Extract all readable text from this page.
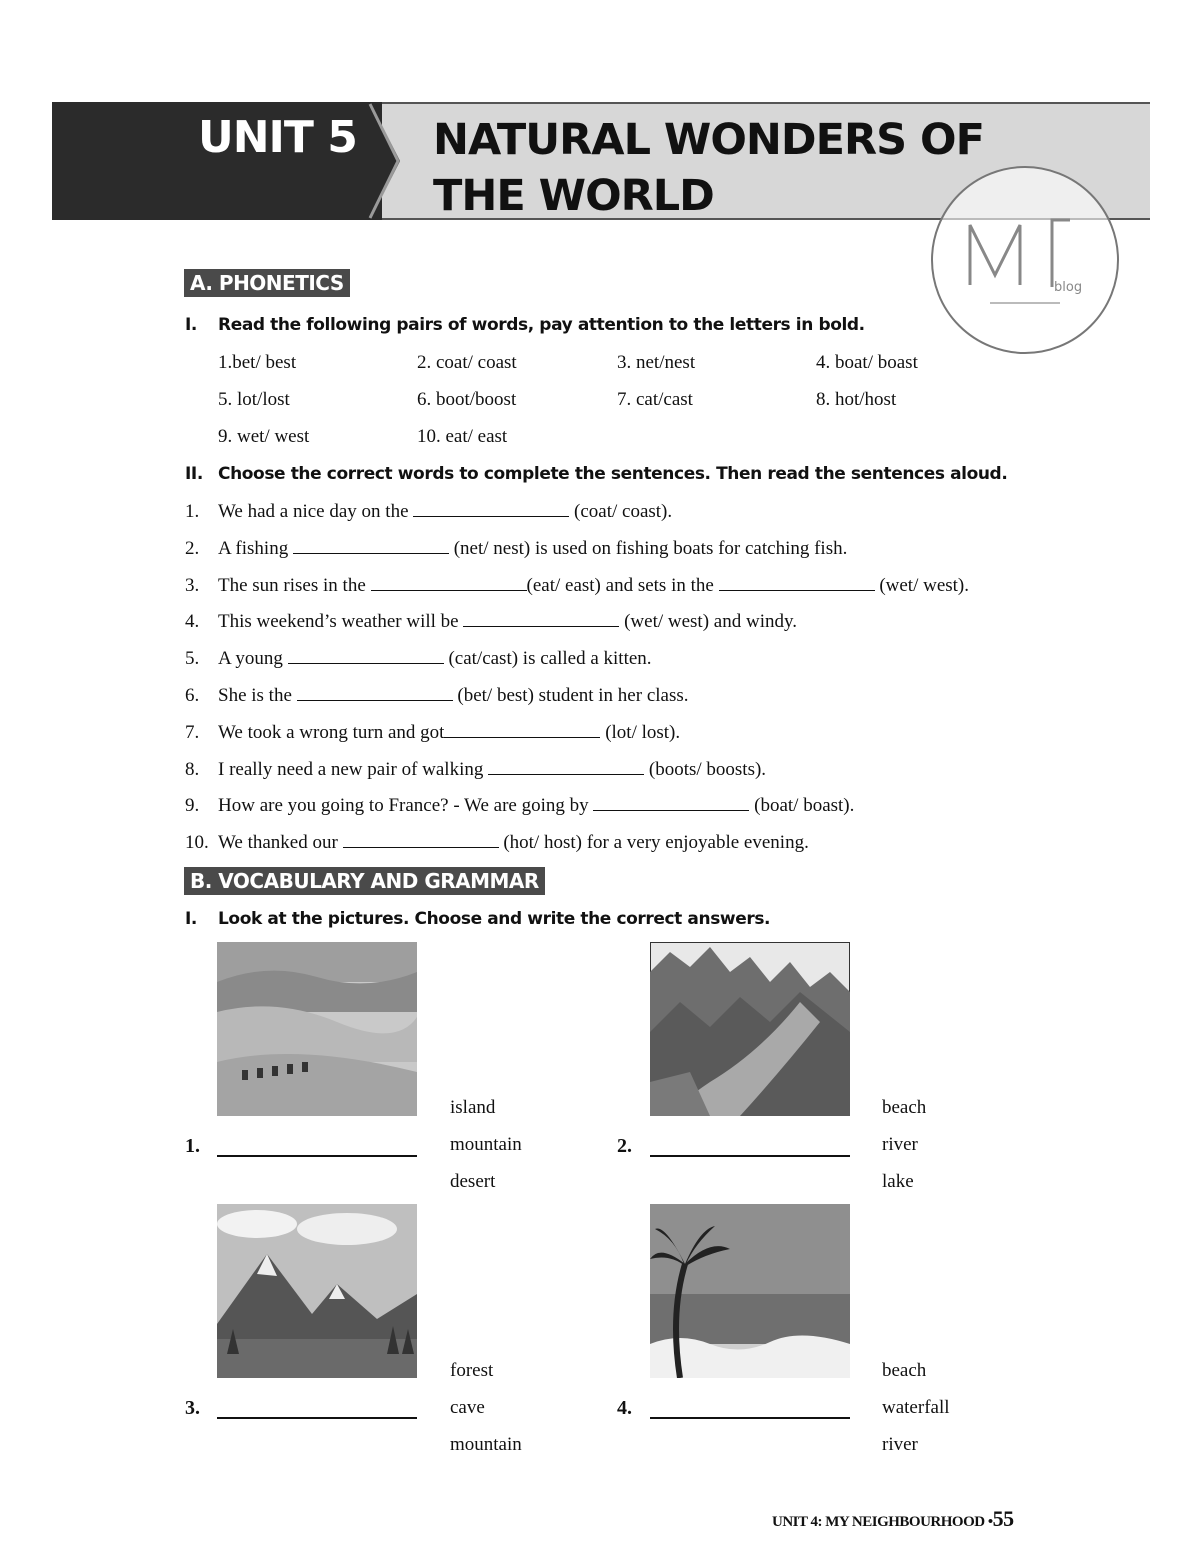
UNIT 5 NATURAL WONDERS OF
THE WORLD
blog
A. PHONETICS
I. Read the following pairs of words, pay attention to the letters in bold.
1.bet/ best	2. coat/ coast	3. net/nest	4. boat/ boast
5. lot/lost	6. boot/boost	7. cat/cast	8. hot/host
9. wet/ west	10. eat/ east
II. Choose the correct words to complete the sentences. Then read the sentences aloud.
1. We had a nice day on the	(coat/ coast).
2. A fishing	(net/ nest) is used on fishing boats for catching fish.
3. The sun rises in the	(eat/ east) and sets in the	(wet/ west).
4. This weekend’s weather will be	(wet/ west) and windy.
5. A young	(cat/cast) is called a kitten.
6. She is the	(bet/ best) student in her class.
7. We took a wrong turn and got	(lot/ lost).
8. I really need a new pair of walking	(boots/ boosts).
9. How are you going to France? - We are going by	(boat/ boast).
10. We thanked our	(hot/ host) for a very enjoyable evening.
B. VOCABULARY AND GRAMMAR
I. Look at the pictures. Choose and write the correct answers.
island
mountain
desert
1.
beach
river
lake
2.
forest
cave
mountain
3.
beach
waterfall
river
4.
UNIT 4: MY NEIGHBOURHOOD •55
